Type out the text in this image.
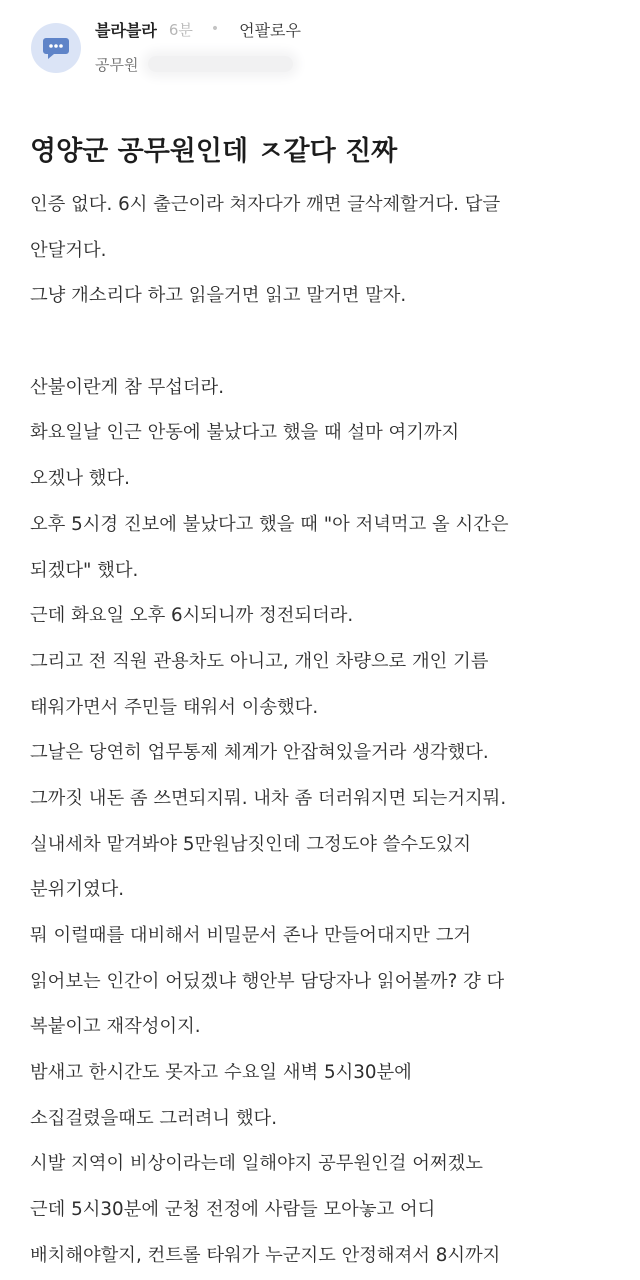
블라블라 6분 • 언팔로우
공무원
영양군 공무원인데 ㅈ같다 진짜
인증 없다. 6시 출근이라 쳐자다가 깨면 글삭제할거다. 답글
안달거다.
그냥 개소리다 하고 읽을거면 읽고 말거면 말자.
산불이란게 참 무섭더라.
화요일날 인근 안동에 불났다고 했을 때 설마 여기까지
오겠나 했다.
오후 5시경 진보에 불났다고 했을 때 "아 저녁먹고 올 시간은
되겠다" 했다.
근데 화요일 오후 6시되니까 정전되더라.
그리고 전 직원 관용차도 아니고, 개인 차량으로 개인 기름
태워가면서 주민들 태워서 이송했다.
그날은 당연히 업무통제 체계가 안잡혀있을거라 생각했다.
그까짓 내돈 좀 쓰면되지뭐. 내차 좀 더러워지면 되는거지뭐.
실내세차 맡겨봐야 5만원남짓인데 그정도야 쓸수도있지
분위기였다.
뭐 이럴때를 대비해서 비밀문서 존나 만들어대지만 그거
읽어보는 인간이 어딨겠냐 행안부 담당자나 읽어볼까? 걍 다
복붙이고 재작성이지.
밤새고 한시간도 못자고 수요일 새벽 5시30분에
소집걸렸을때도 그러려니 했다.
시발 지역이 비상이라는데 일해야지 공무원인걸 어쩌겠노
근데 5시30분에 군청 전정에 사람들 모아놓고 어디
배치해야할지, 컨트롤 타워가 누군지도 안정해져서 8시까지
